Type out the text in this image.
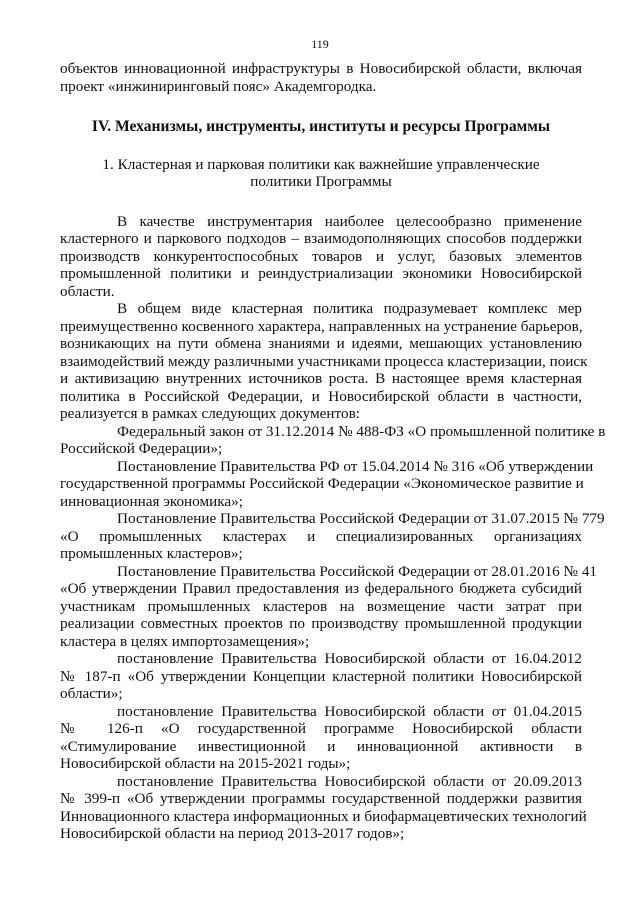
119
объектов инновационной инфраструктуры в Новосибирской области, включая
проект «инжиниринговый пояс» Академгородка.
IV. Механизмы, инструменты, институты и ресурсы Программы
1. Кластерная и парковая политики как важнейшие управленческие
политики Программы
В качестве инструментария наиболее целесообразно применение
кластерного и паркового подходов – взаимодополняющих способов поддержки
производств конкурентоспособных товаров и услуг, базовых элементов
промышленной политики и реиндустриализации экономики Новосибирской
области.
В общем виде кластерная политика подразумевает комплекс мер
преимущественно косвенного характера, направленных на устранение барьеров,
возникающих на пути обмена знаниями и идеями, мешающих установлению
взаимодействий между различными участниками процесса кластеризации, поиск
и активизацию внутренних источников роста. В настоящее время кластерная
политика в Российской Федерации, и Новосибирской области в частности,
реализуется в рамках следующих документов:
Федеральный закон от 31.12.2014 № 488-ФЗ «О промышленной политике в
Российской Федерации»;
Постановление Правительства РФ от 15.04.2014 № 316 «Об утверждении
государственной программы Российской Федерации «Экономическое развитие и
инновационная экономика»;
Постановление Правительства Российской Федерации от 31.07.2015 № 779
«О промышленных кластерах и специализированных организациях
промышленных кластеров»;
Постановление Правительства Российской Федерации от 28.01.2016 № 41
«Об утверждении Правил предоставления из федерального бюджета субсидий
участникам промышленных кластеров на возмещение части затрат при
реализации совместных проектов по производству промышленной продукции
кластера в целях импортозамещения»;
постановление Правительства Новосибирской области от 16.04.2012
№ 187-п «Об утверждении Концепции кластерной политики Новосибирской
области»;
постановление Правительства Новосибирской области от 01.04.2015
№ 126-п «О государственной программе Новосибирской области
«Стимулирование инвестиционной и инновационной активности в
Новосибирской области на 2015-2021 годы»;
постановление Правительства Новосибирской области от 20.09.2013
№ 399-п «Об утверждении программы государственной поддержки развития
Инновационного кластера информационных и биофармацевтических технологий
Новосибирской области на период 2013-2017 годов»;
